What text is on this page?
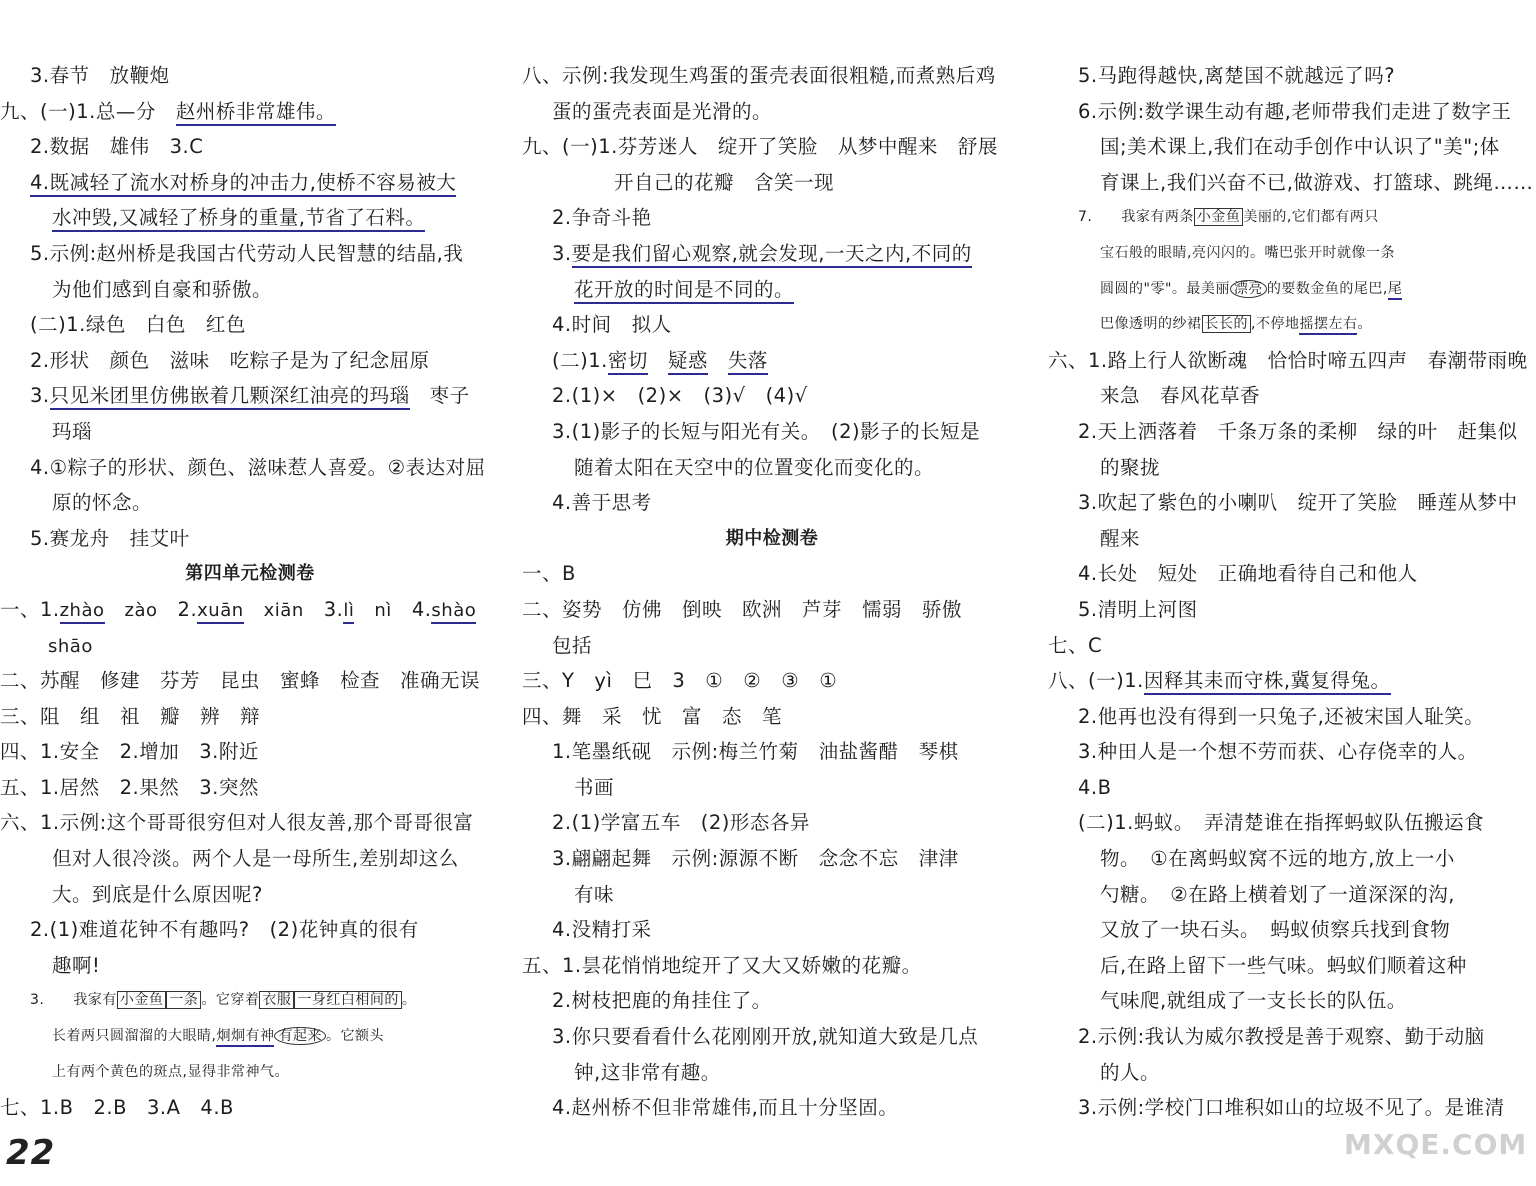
3.春节　放鞭炮
九、(一)1.总—分　赵州桥非常雄伟。
2.数据　雄伟　3.C
4.既减轻了流水对桥身的冲击力,使桥不容易被大
水冲毁,又减轻了桥身的重量,节省了石料。
5.示例:赵州桥是我国古代劳动人民智慧的结晶,我
为他们感到自豪和骄傲。
(二)1.绿色　白色　红色
2.形状　颜色　滋味　吃粽子是为了纪念屈原
3.只见米团里仿佛嵌着几颗深红油亮的玛瑙　枣子
玛瑙
4.①粽子的形状、颜色、滋味惹人喜爱。②表达对屈
原的怀念。
5.赛龙舟　挂艾叶
第四单元检测卷
一、1.zhào　 zào　2.xuān　 xiān　3.lì　 nì　4.shào
shāo
二、苏醒　修建　芬芳　昆虫　蜜蜂　检查　准确无误
三、阻　组　祖　瓣　辨　辩
四、1.安全　2.增加　3.附近
五、1.居然　2.果然　3.突然
六、1.示例:这个哥哥很穷但对人很友善,那个哥哥很富
但对人很冷淡。两个人是一母所生,差别却这么
大。到底是什么原因呢?
2.(1)难道花钟不有趣吗?　(2)花钟真的很有
趣啊!
3.　　我家有 小金鱼 一条 。它穿着 衣服 一身红白相间的 。
长着两只圆溜溜的大眼睛,炯炯有神 有起来 。它额头
上有两个黄色的斑点,显得非常神气。
七、1.B　2.B　3.A　4.B
八、示例:我发现生鸡蛋的蛋壳表面很粗糙,而煮熟后鸡
蛋的蛋壳表面是光滑的。
九、(一)1.芬芳迷人　绽开了笑脸　从梦中醒来　舒展
　　开自己的花瓣　含笑一现
2.争奇斗艳
3.要是我们留心观察,就会发现,一天之内,不同的
花开放的时间是不同的。
4.时间　拟人
(二)1.密切　 疑惑　 失落
2.(1)×　(2)×　(3)√　(4)√
3.(1)影子的长短与阳光有关。　(2)影子的长短是
随着太阳在天空中的位置变化而变化的。
4.善于思考
期中检测卷
一、B
二、姿势　仿佛　倒映　欧洲　芦芽　懦弱　骄傲
包括
三、Y　yì　巳　3　①　②　③　①
四、舞　采　忧　富　态　笔
1.笔墨纸砚　示例:梅兰竹菊　油盐酱醋　琴棋
书画
2.(1)学富五车　(2)形态各异
3.翩翩起舞　示例:源源不断　念念不忘　津津
有味
4.没精打采
五、1.昙花悄悄地绽开了又大又娇嫩的花瓣。
2.树枝把鹿的角挂住了。
3.你只要看看什么花刚刚开放,就知道大致是几点
钟,这非常有趣。
4.赵州桥不但非常雄伟,而且十分坚固。
5.马跑得越快,离楚国不就越远了吗?
6.示例:数学课生动有趣,老师带我们走进了数字王
国;美术课上,我们在动手创作中认识了"美";体
育课上,我们兴奋不已,做游戏、打篮球、跳绳……
7.　　我家有两条 小金鱼 美丽的,它们都有两只
宝石般的眼睛,亮闪闪的。嘴巴张开时就像一条
圆圆的"零"。最美丽 漂亮 的要数金鱼的尾巴,尾
巴像透明的纱裙 长长的 ,不停地摇摆左右。
六、1.路上行人欲断魂　恰恰时啼五四声　春潮带雨晚
来急　春风花草香
2.天上洒落着　千条万条的柔柳　绿的叶　赶集似
的聚拢
3.吹起了紫色的小喇叭　绽开了笑脸　睡莲从梦中
醒来
4.长处　短处　正确地看待自己和他人
5.清明上河图
七、C
八、(一)1.因释其耒而守株,冀复得兔。
2.他再也没有得到一只兔子,还被宋国人耻笑。
3.种田人是一个想不劳而获、心存侥幸的人。
4.B
(二)1.蚂蚁。　弄清楚谁在指挥蚂蚁队伍搬运食
物。　①在离蚂蚁窝不远的地方,放上一小
勺糖。　②在路上横着划了一道深深的沟,
又放了一块石头。　蚂蚁侦察兵找到食物
后,在路上留下一些气味。蚂蚁们顺着这种
气味爬,就组成了一支长长的队伍。
2.示例:我认为威尔教授是善于观察、勤于动脑
的人。
3.示例:学校门口堆积如山的垃圾不见了。是谁清
22	MXQE.COM
